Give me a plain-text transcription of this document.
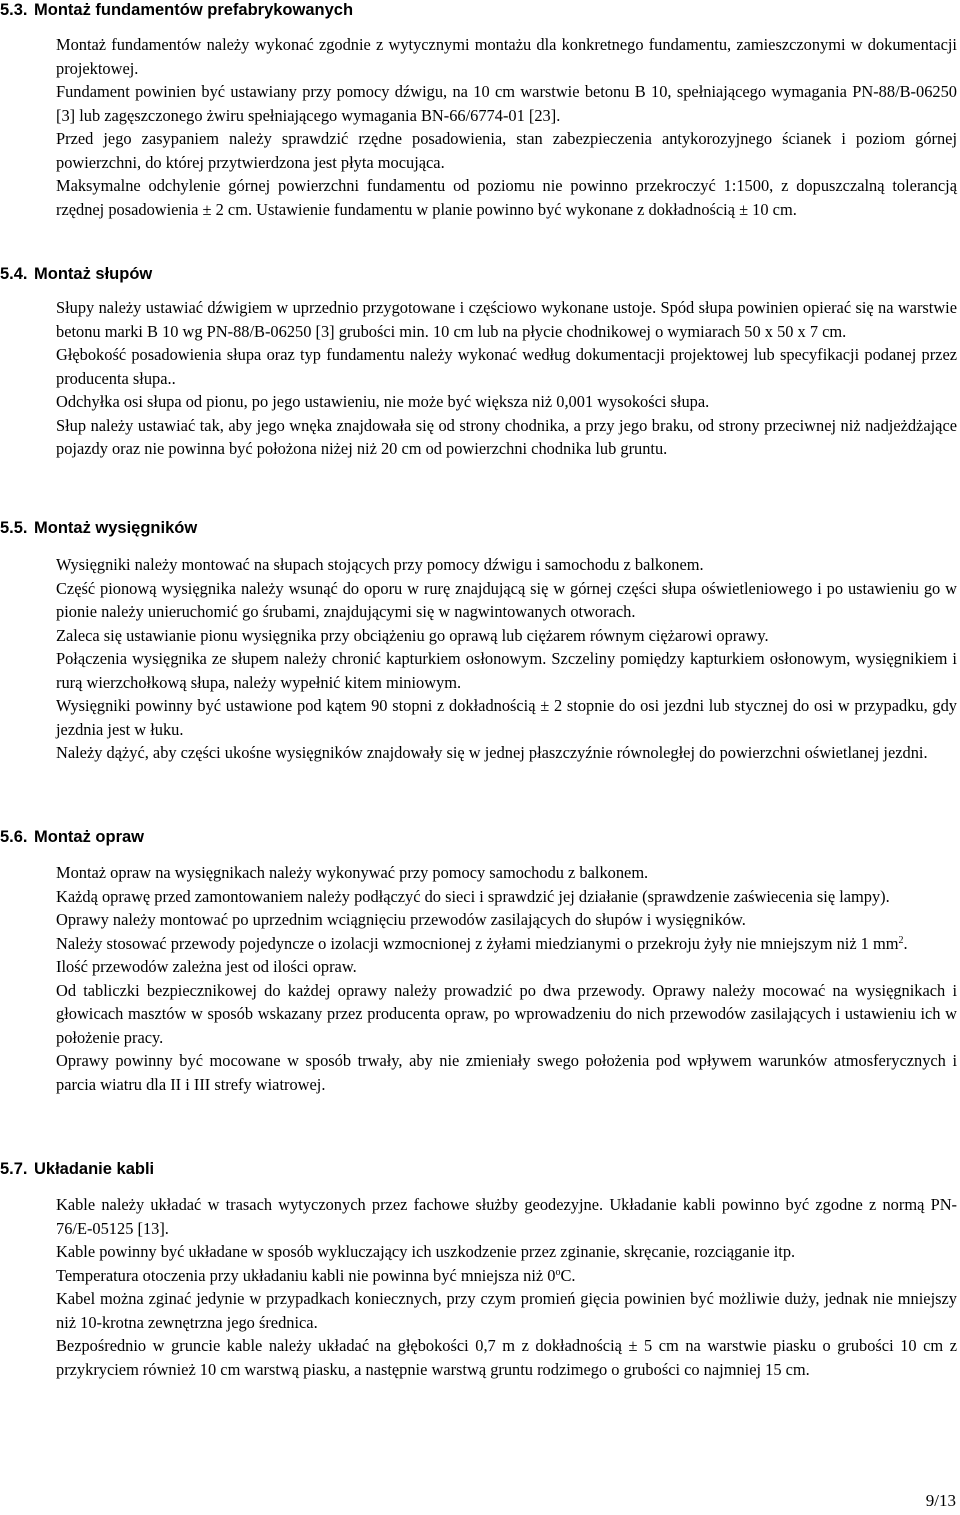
5.3. Montaż fundamentów prefabrykowanych

Montaż fundamentów należy wykonać zgodnie z wytycznymi montażu dla konkretnego fundamentu, zamieszczonymi w dokumentacji projektowej.

Fundament powinien być ustawiany przy pomocy dźwigu, na 10 cm warstwie betonu B 10, spełniającego wymagania PN-88/B-06250 [3] lub zagęszczonego żwiru spełniającego wymagania BN-66/6774-01 [23].

Przed jego zasypaniem należy sprawdzić rzędne posadowienia, stan zabezpieczenia antykorozyjnego ścianek i poziom górnej powierzchni, do której przytwierdzona jest płyta mocująca.

Maksymalne odchylenie górnej powierzchni fundamentu od poziomu nie powinno przekroczyć 1:1500, z dopuszczalną tolerancją rzędnej posadowienia ± 2 cm. Ustawienie fundamentu w planie powinno być wykonane z dokładnością ± 10 cm.

5.4. Montaż słupów

Słupy należy ustawiać dźwigiem w uprzednio przygotowane i częściowo wykonane ustoje. Spód słupa powinien opierać się na warstwie betonu marki B 10 wg PN-88/B-06250 [3] grubości min. 10 cm lub na płycie chodnikowej o wymiarach 50 x 50 x 7 cm.

Głębokość posadowienia słupa oraz typ fundamentu należy wykonać według dokumentacji projektowej lub specyfikacji podanej przez producenta słupa..

Odchyłka osi słupa od pionu, po jego ustawieniu, nie może być większa niż 0,001 wysokości słupa.

Słup należy ustawiać tak, aby jego wnęka znajdowała się od strony chodnika, a przy jego braku, od strony przeciwnej niż nadjeżdżające pojazdy oraz nie powinna być położona niżej niż 20 cm od powierzchni chodnika lub gruntu.

5.5. Montaż wysięgników

Wysięgniki należy montować na słupach stojących przy pomocy dźwigu i samochodu z balkonem.

Część pionową wysięgnika należy wsunąć do oporu w rurę znajdującą się w górnej części słupa oświetleniowego i po ustawieniu go w pionie należy unieruchomić go śrubami, znajdującymi się w nagwintowanych otworach.

Zaleca się ustawianie pionu wysięgnika przy obciążeniu go oprawą lub ciężarem równym ciężarowi oprawy.

Połączenia wysięgnika ze słupem należy chronić kapturkiem osłonowym. Szczeliny pomiędzy kapturkiem osłonowym, wysięgnikiem i rurą wierzchołkową słupa, należy wypełnić kitem miniowym.

Wysięgniki powinny być ustawione pod kątem 90 stopni z dokładnością ± 2 stopnie do osi jezdni lub stycznej do osi w przypadku, gdy jezdnia jest w łuku.

Należy dążyć, aby części ukośne wysięgników znajdowały się w jednej płaszczyźnie równoległej do powierzchni oświetlanej jezdni.

5.6. Montaż opraw

Montaż opraw na wysięgnikach należy wykonywać przy pomocy samochodu z balkonem.

Każdą oprawę przed zamontowaniem należy podłączyć do sieci i sprawdzić jej działanie (sprawdzenie zaświecenia się lampy).

Oprawy należy montować po uprzednim wciągnięciu przewodów zasilających do słupów i wysięgników.

Należy stosować przewody pojedyncze o izolacji wzmocnionej z żyłami miedzianymi o przekroju żyły nie mniejszym niż 1 $mm^2$.

Ilość przewodów zależna jest od ilości opraw.

Od tabliczki bezpiecznikowej do każdej oprawy należy prowadzić po dwa przewody. Oprawy należy mocować na wysięgnikach i głowicach masztów w sposób wskazany przez producenta opraw, po wprowadzeniu do nich przewodów zasilających i ustawieniu ich w położenie pracy.

Oprawy powinny być mocowane w sposób trwały, aby nie zmieniały swego położenia pod wpływem warunków atmosferycznych i parcia wiatru dla II i III strefy wiatrowej.

5.7. Układanie kabli

Kable należy układać w trasach wytyczonych przez fachowe służby geodezyjne. Układanie kabli powinno być zgodne z normą PN-76/E-05125 [13].

Kable powinny być układane w sposób wykluczający ich uszkodzenie przez zginanie, skręcanie, rozciąganie itp.

Temperatura otoczenia przy układaniu kabli nie powinna być mniejsza niż 0$^o$C.

Kabel można zginać jedynie w przypadkach koniecznych, przy czym promień gięcia powinien być możliwie duży, jednak nie mniejszy niż 10-krotna zewnętrzna jego średnica.

Bezpośrednio w gruncie kable należy układać na głębokości 0,7 m z dokładnością ± 5 cm na warstwie piasku o grubości 10 cm z przykryciem również 10 cm warstwą piasku, a następnie warstwą gruntu rodzimego o grubości co najmniej 15 cm.

9/13
